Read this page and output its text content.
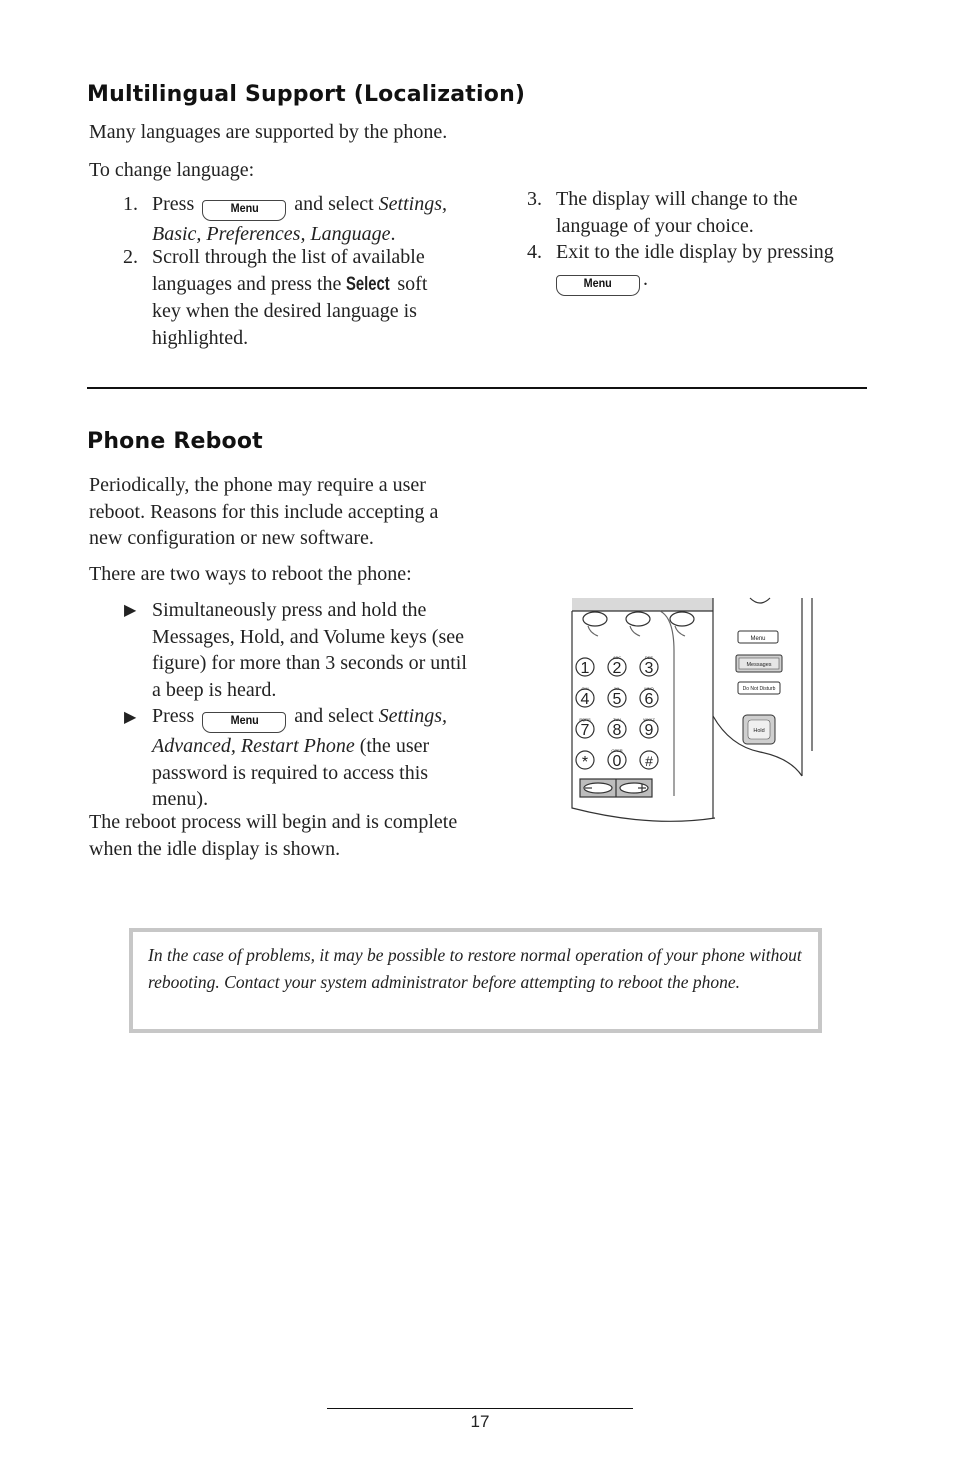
Multilingual Support (Localization)

Many languages are supported by the phone.

To change language:

1. Press	Menu and select Settings,
Basic, Preferences, Language.
2. Scroll through the list of available
languages and press the Select soft
key when the desired language is
highlighted.
3. The display will change to the
language of your choice.
4. Exit to the idle display by pressing
Menu .
Phone Reboot
Periodically, the phone may require a user
reboot. Reasons for this include accepting a
new configuration or new software.

There are two ways to reboot the phone:

▶ Simultaneously press and hold the
Messages, Hold, and Volume keys (see
figure) for more than 3 seconds or until
a beep is heard.
▶ Press	Menu and select Settings,
Advanced, Restart Phone (the user
password is required to access this
menu).
The reboot process will begin and is complete
when the idle display is shown.
1
ABC
2
DEF
3
GHI
4
JKL
5
MNO
6
PQRS
7
TUV
8
WXYZ
9
*
OPER
0 #
Menu
Messages
Do Not Disturb
Hold
In the case of problems, it may be possible to restore normal operation of your phone without rebooting. Contact your system administrator before attempting to reboot the phone.
17
